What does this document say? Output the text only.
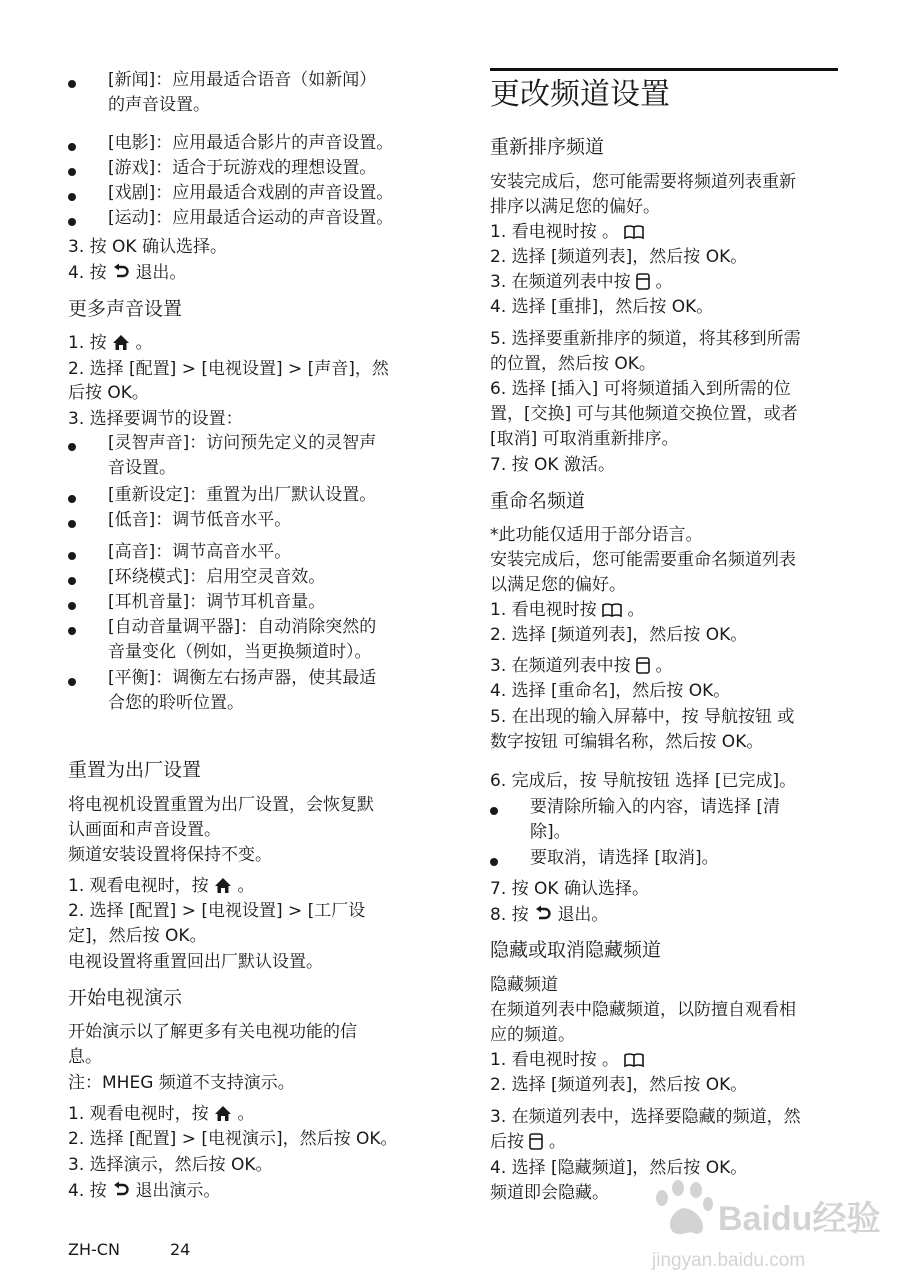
[新闻]：应用最适合语音（如新闻）
的声音设置。
[电影]：应用最适合影片的声音设置。
[游戏]：适合于玩游戏的理想设置。
[戏剧]：应用最适合戏剧的声音设置。
[运动]：应用最适合运动的声音设置。
3. 按 OK 确认选择。
4. 按 退出。
更多声音设置
1. 按 。
2. 选择 [配置] > [电视设置] > [声音]，然
后按 OK。
3. 选择要调节的设置：
[灵智声音]：访问预先定义的灵智声
音设置。
[重新设定]：重置为出厂默认设置。
[低音]：调节低音水平。
[高音]：调节高音水平。
[环绕模式]：启用空灵音效。
[耳机音量]：调节耳机音量。
[自动音量调平器]：自动消除突然的
音量变化（例如，当更换频道时）。
[平衡]：调衡左右扬声器，使其最适
合您的聆听位置。
重置为出厂设置
将电视机设置重置为出厂设置，会恢复默
认画面和声音设置。
频道安装设置将保持不变。
1. 观看电视时，按 。
2. 选择 [配置] > [电视设置] > [工厂设
定]，然后按 OK。
电视设置将重置回出厂默认设置。
开始电视演示
开始演示以了解更多有关电视功能的信
息。
注：MHEG 频道不支持演示。
1. 观看电视时，按 。
2. 选择 [配置] > [电视演示]，然后按 OK。
3. 选择演示，然后按 OK。
4. 按 退出演示。
更改频道设置
重新排序频道
安装完成后，您可能需要将频道列表重新
排序以满足您的偏好。
1. 看电视时按 。
2. 选择 [频道列表]，然后按 OK。
3. 在频道列表中按 。
4. 选择 [重排]，然后按 OK。
5. 选择要重新排序的频道，将其移到所需
的位置，然后按 OK。
6. 选择 [插入] 可将频道插入到所需的位
置，[交换] 可与其他频道交换位置，或者
[取消] 可取消重新排序。
7. 按 OK 激活。
重命名频道
*此功能仅适用于部分语言。
安装完成后，您可能需要重命名频道列表
以满足您的偏好。
1. 看电视时按 。
2. 选择 [频道列表]，然后按 OK。
3. 在频道列表中按 。
4. 选择 [重命名]，然后按 OK。
5. 在出现的输入屏幕中，按 导航按钮 或
数字按钮 可编辑名称，然后按 OK。
6. 完成后，按 导航按钮 选择 [已完成]。
要清除所输入的内容，请选择 [清
除]。
要取消，请选择 [取消]。
7. 按 OK 确认选择。
8. 按 退出。
隐藏或取消隐藏频道
隐藏频道
在频道列表中隐藏频道，以防擅自观看相
应的频道。
1. 看电视时按 。
2. 选择 [频道列表]，然后按 OK。
3. 在频道列表中，选择要隐藏的频道，然
后按 。
4. 选择 [隐藏频道]，然后按 OK。
频道即会隐藏。
ZH-CN	24
Baidu经验
jingyan.baidu.com
